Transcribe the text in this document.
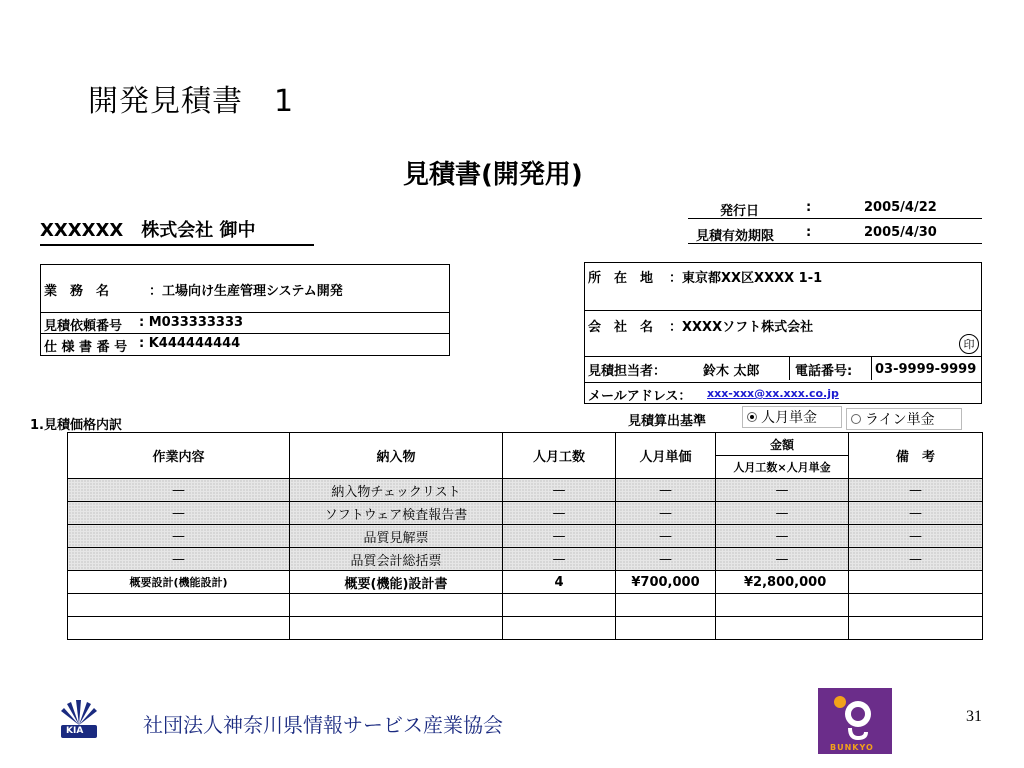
開発見積書　1
見積書(開発用)
発行日	:	2005/4/22
見積有効期限 :	2005/4/30
XXXXXX　株式会社 御中
業　務　名	：工場向け生産管理システム開発
見積依頼番号 : M033333333
仕 様 書 番 号 : K444444444
所　在　地 ：東京都XX区XXXX 1-1
会　社　名 ：XXXXソフト株式会社
見積担当者：	鈴木 太郎	電話番号: 03-9999-9999
メールアドレス： xxx-xxx@xx.xxx.co.jp
印
1.見積価格内訳	見積算出基準	人月単金	ライン単金
作業内容	納入物	人月工数	人月単価	金額	備　考
				人月工数×人月単金	
—	納入物チェックリスト	—	—	—	—
—	ソフトウェア検査報告書	—	—	—	—
—	品質見解票	—	—	—	—
—	品質会計総括票	—	—	—	—
概要設計(機能設計)	概要(機能)設計書	4	¥700,000	¥2,800,000	

KIA	社団法人神奈川県情報サービス産業協会
BUNKYO
31
